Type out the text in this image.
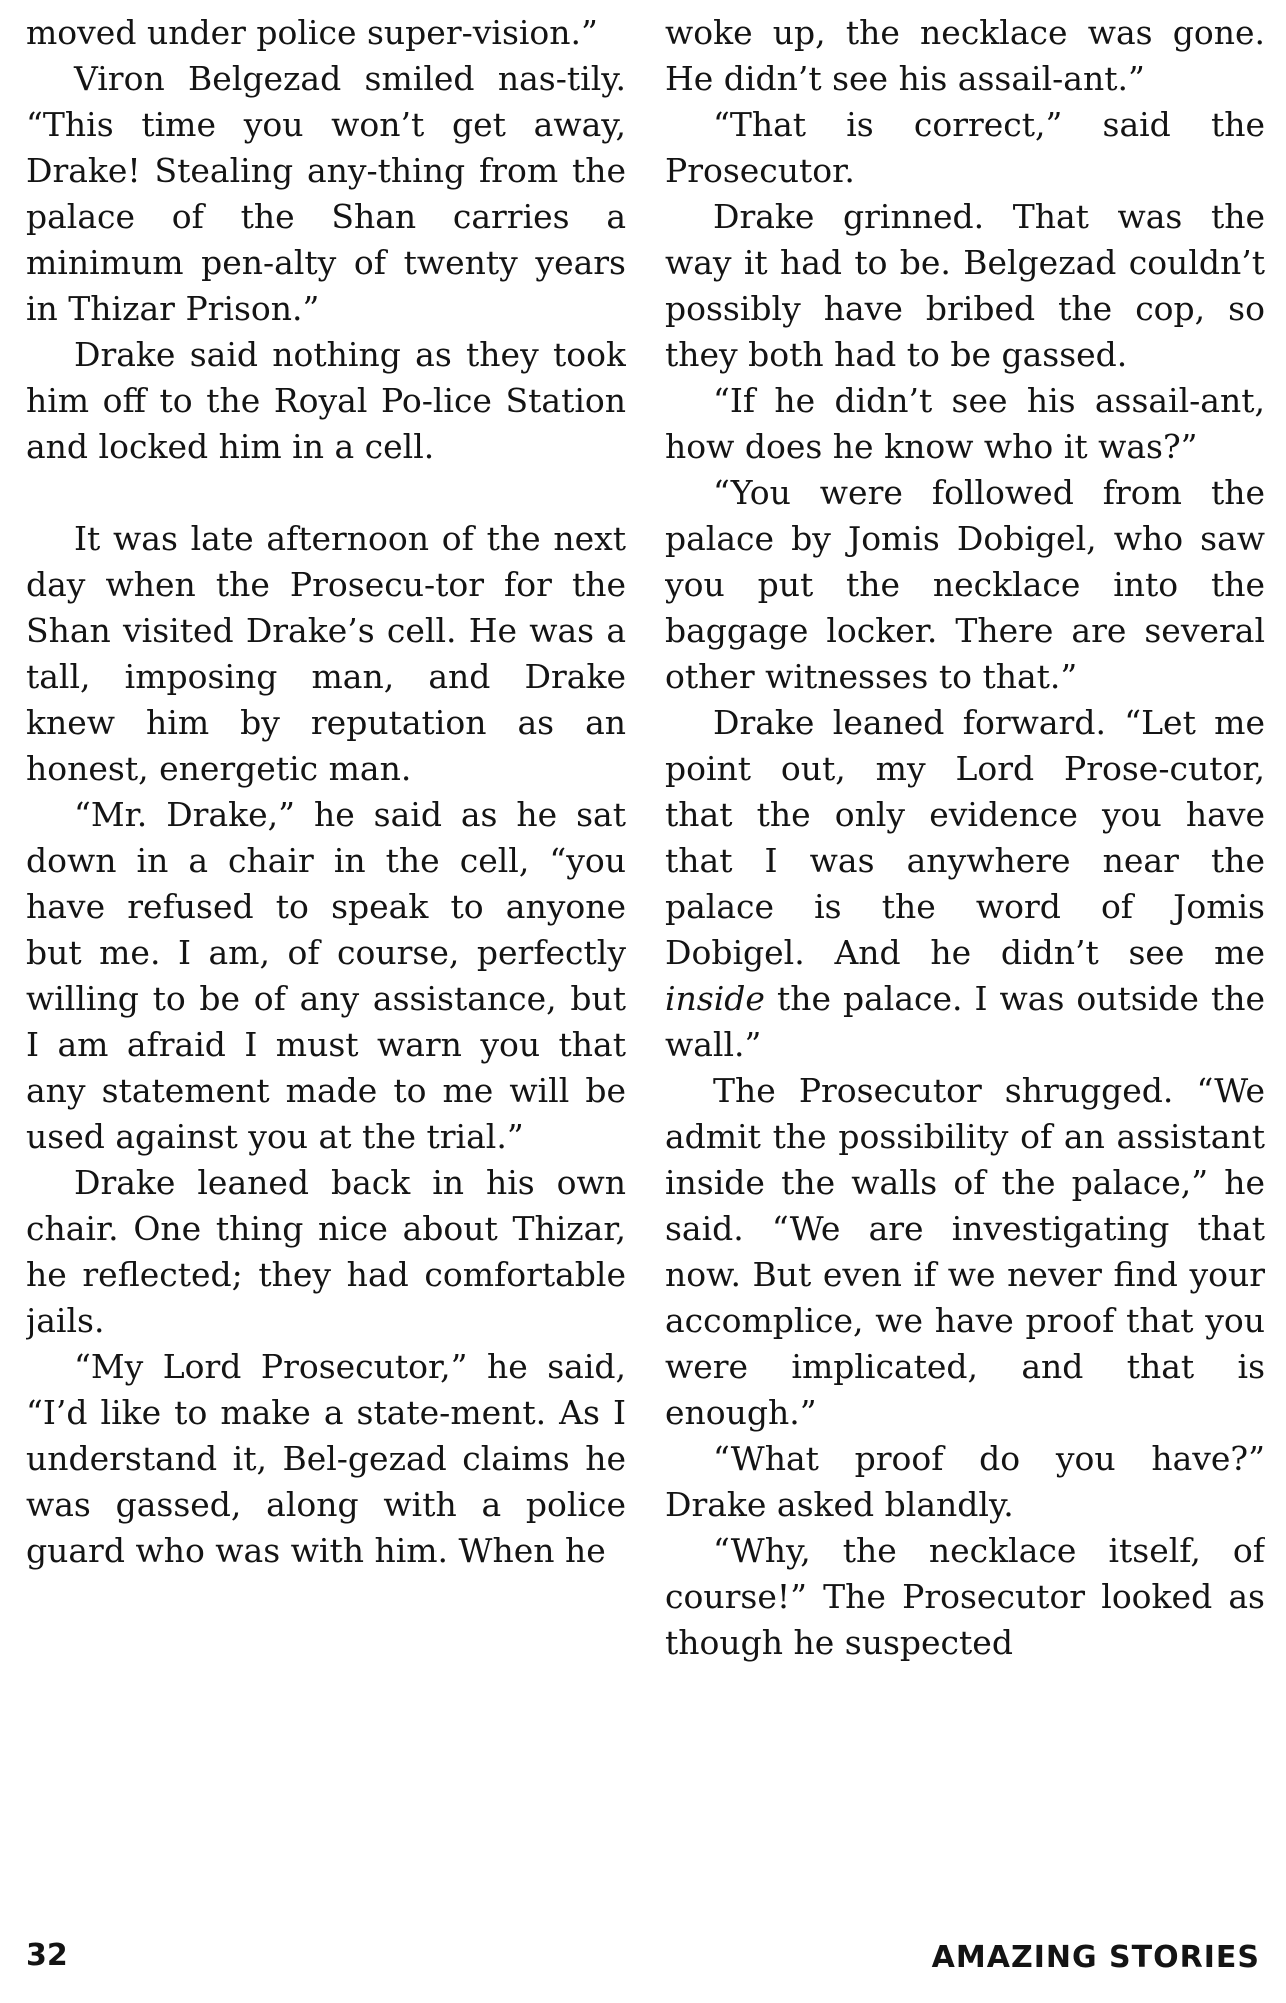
moved under police super-vision.”

Viron Belgezad smiled nas-tily. “This time you won’t get away, Drake! Stealing any-thing from the palace of the Shan carries a minimum pen-alty of twenty years in Thizar Prison.”

Drake said nothing as they took him off to the Royal Po-lice Station and locked him in a cell.

It was late afternoon of the next day when the Prosecu-tor for the Shan visited Drake’s cell. He was a tall, imposing man, and Drake knew him by reputation as an honest, energetic man.

“Mr. Drake,” he said as he sat down in a chair in the cell, “you have refused to speak to anyone but me. I am, of course, perfectly willing to be of any assistance, but I am afraid I must warn you that any statement made to me will be used against you at the trial.”

Drake leaned back in his own chair. One thing nice about Thizar, he reflected; they had comfortable jails.

“My Lord Prosecutor,” he said, “I’d like to make a state-ment. As I understand it, Bel-gezad claims he was gassed, along with a police guard who was with him. When he

woke up, the necklace was gone. He didn’t see his assail-ant.”

“That is correct,” said the Prosecutor.

Drake grinned. That was the way it had to be. Belgezad couldn’t possibly have bribed the cop, so they both had to be gassed.

“If he didn’t see his assail-ant, how does he know who it was?”

“You were followed from the palace by Jomis Dobigel, who saw you put the necklace into the baggage locker. There are several other witnesses to that.”

Drake leaned forward. “Let me point out, my Lord Prose-cutor, that the only evidence you have that I was anywhere near the palace is the word of Jomis Dobigel. And he didn’t see me inside the palace. I was outside the wall.”

The Prosecutor shrugged. “We admit the possibility of an assistant inside the walls of the palace,” he said. “We are investigating that now. But even if we never find your accomplice, we have proof that you were implicated, and that is enough.”

“What proof do you have?” Drake asked blandly.

“Why, the necklace itself, of course!” The Prosecutor looked as though he suspected

32	AMAZING STORIES
